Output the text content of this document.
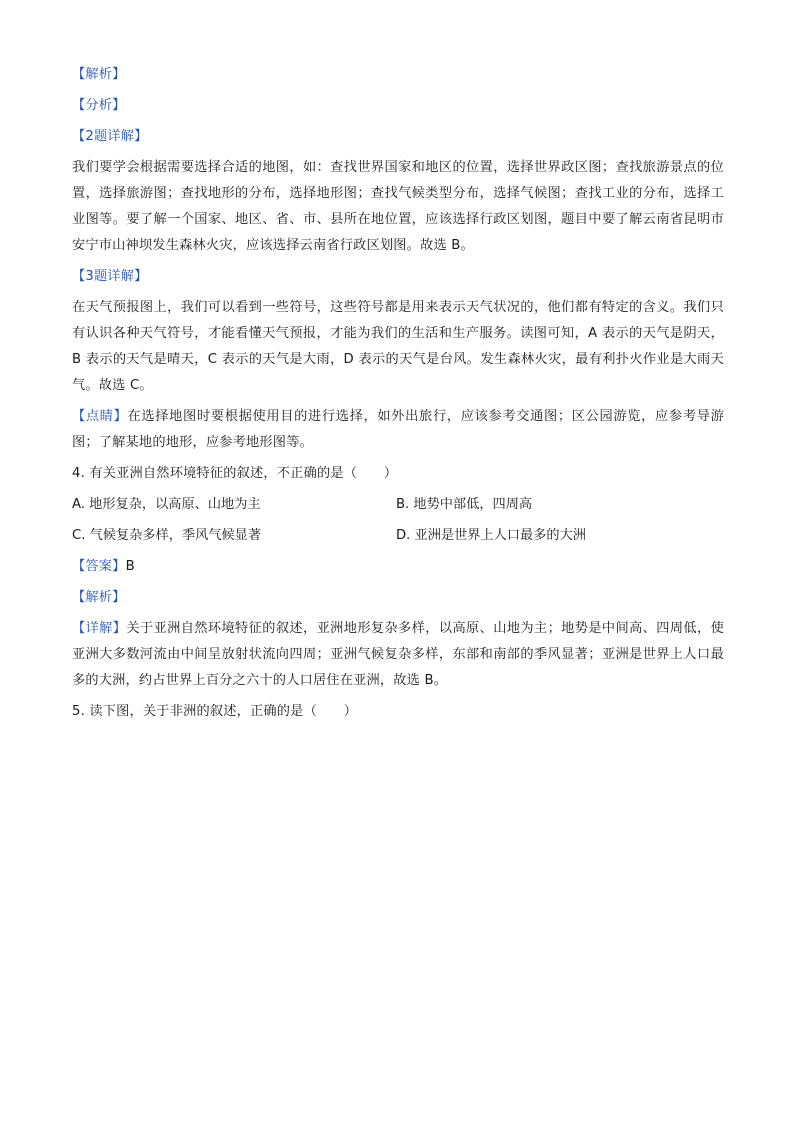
【解析】

【分析】

【2题详解】

我们要学会根据需要选择合适的地图，如：查找世界国家和地区的位置，选择世界政区图；查找旅游景点的位置，选择旅游图；查找地形的分布，选择地形图；查找气候类型分布，选择气候图；查找工业的分布，选择工业图等。要了解一个国家、地区、省、市、县所在地位置，应该选择行政区划图，题目中要了解云南省昆明市安宁市山神坝发生森林火灾，应该选择云南省行政区划图。故选 B。

【3题详解】

在天气预报图上，我们可以看到一些符号，这些符号都是用来表示天气状况的，他们都有特定的含义。我们只有认识各种天气符号，才能看懂天气预报，才能为我们的生活和生产服务。读图可知，A 表示的天气是阴天，B 表示的天气是晴天，C 表示的天气是大雨，D 表示的天气是台风。发生森林火灾，最有利扑火作业是大雨天气。故选 C。

【点睛】在选择地图时要根据使用目的进行选择，如外出旅行，应该参考交通图；区公园游览，应参考导游图；了解某地的地形，应参考地形图等。

4. 有关亚洲自然环境特征的叙述，不正确的是（　　）

A. 地形复杂，以高原、山地为主	B. 地势中部低，四周高
C. 气候复杂多样，季风气候显著	D. 亚洲是世界上人口最多的大洲

【答案】B

【解析】

【详解】关于亚洲自然环境特征的叙述，亚洲地形复杂多样，以高原、山地为主；地势是中间高、四周低，使亚洲大多数河流由中间呈放射状流向四周；亚洲气候复杂多样，东部和南部的季风显著；亚洲是世界上人口最多的大洲，约占世界上百分之六十的人口居住在亚洲，故选 B。

5. 读下图，关于非洲的叙述，正确的是（　　）
